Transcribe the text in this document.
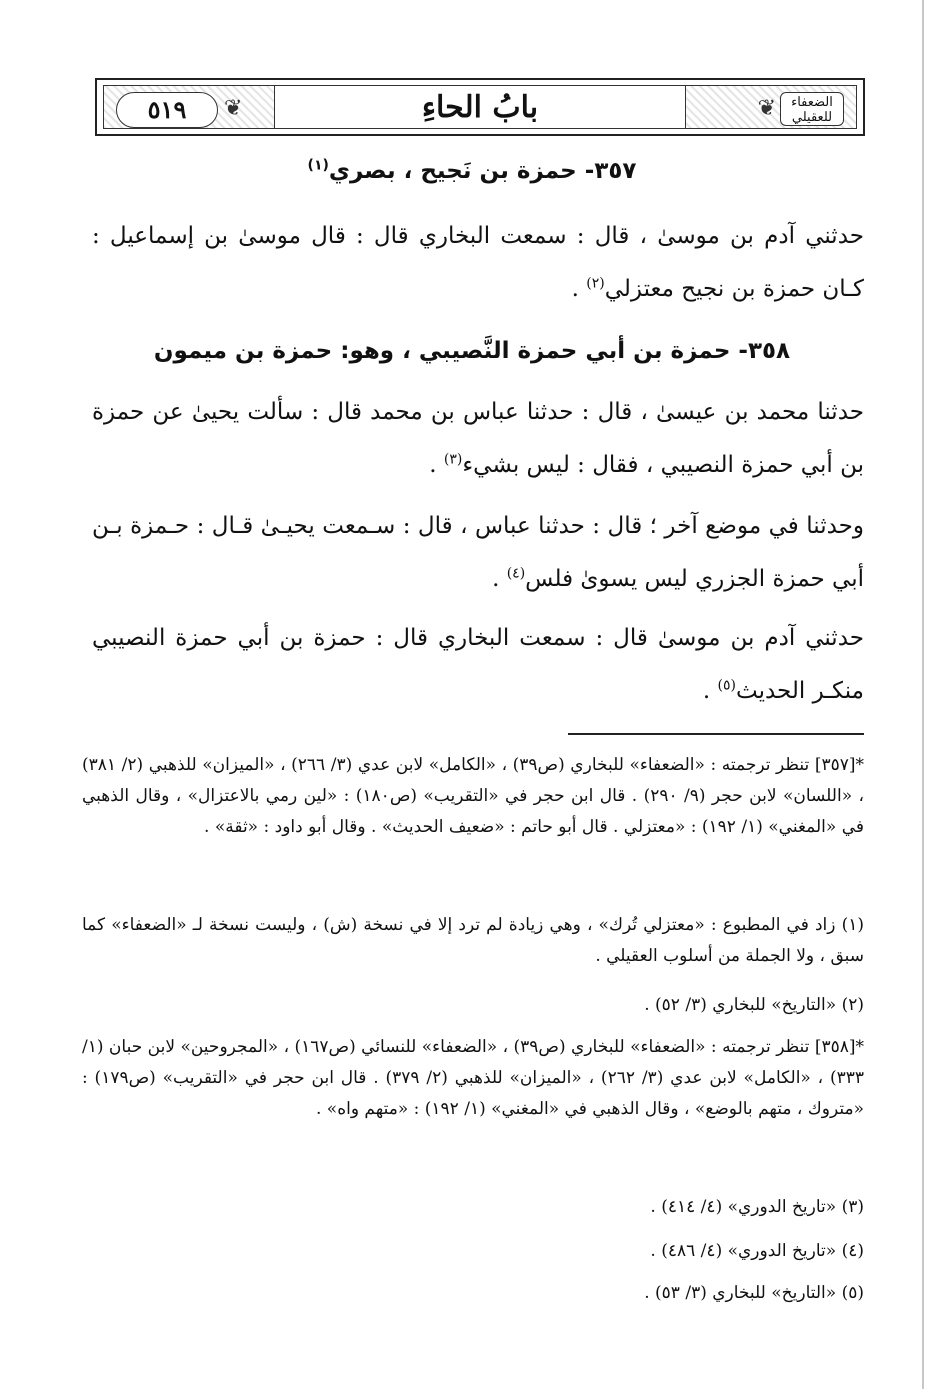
❦	❦
بابُ الحاءِ
٥١٩	الضعفاء للعقيلي
٣٥٧- حمزة بن نَجيح ، بصري$^{(١)}$
حدثني آدم بن موسىٰ ، قال : سمعت البخاري قال : قال موسىٰ بن إسماعيل : كـان حمزة بن نجيح معتزلي$^{(٢)}$ .
٣٥٨- حمزة بن أبي حمزة النَّصيبي ، وهو: حمزة بن ميمون
حدثنا محمد بن عيسىٰ ، قال : حدثنا عباس بن محمد قال : سألت يحيىٰ عن حمزة بن أبي حمزة النصيبي ، فقال : ليس بشيء$^{(٣)}$ .
وحدثنا في موضع آخر ؛ قال : حدثنا عباس ، قال : سـمعت يحيـىٰ قـال : حـمزة بـن أبي حمزة الجزري ليس يسوىٰ فلس$^{(٤)}$ .
حدثني آدم بن موسىٰ قال : سمعت البخاري قال : حمزة بن أبي حمزة النصيبي منكـر الحديث$^{(٥)}$ .
*[٣٥٧] تنظر ترجمته : «الضعفاء» للبخاري (ص٣٩) ، «الكامل» لابن عدي (٣/ ٢٦٦) ، «الميزان» للذهبي (٢/ ٣٨١) ، «اللسان» لابن حجر (٩/ ٢٩٠) . قال ابن حجر في «التقريب» (ص١٨٠) : «لين رمي بالاعتزال» ، وقال الذهبي في «المغني» (١/ ١٩٢) : «معتزلي . قال أبو حاتم : «ضعيف الحديث» . وقال أبو داود : «ثقة» .
(١) زاد في المطبوع : «معتزلي تُرك» ، وهي زيادة لم ترد إلا في نسخة (ش) ، وليست نسخة لـ «الضعفاء» كما سبق ، ولا الجملة من أسلوب العقيلي .
(٢) «التاريخ» للبخاري (٣/ ٥٢) .
*[٣٥٨] تنظر ترجمته : «الضعفاء» للبخاري (ص٣٩) ، «الضعفاء» للنسائي (ص١٦٧) ، «المجروحين» لابن حبان (١/ ٣٣٣) ، «الكامل» لابن عدي (٣/ ٢٦٢) ، «الميزان» للذهبي (٢/ ٣٧٩) . قال ابن حجر في «التقريب» (ص١٧٩) : «متروك ، متهم بالوضع» ، وقال الذهبي في «المغني» (١/ ١٩٢) : «متهم واه» .
(٣) «تاريخ الدوري» (٤/ ٤١٤) .
(٤) «تاريخ الدوري» (٤/ ٤٨٦) .
(٥) «التاريخ» للبخاري (٣/ ٥٣) .
